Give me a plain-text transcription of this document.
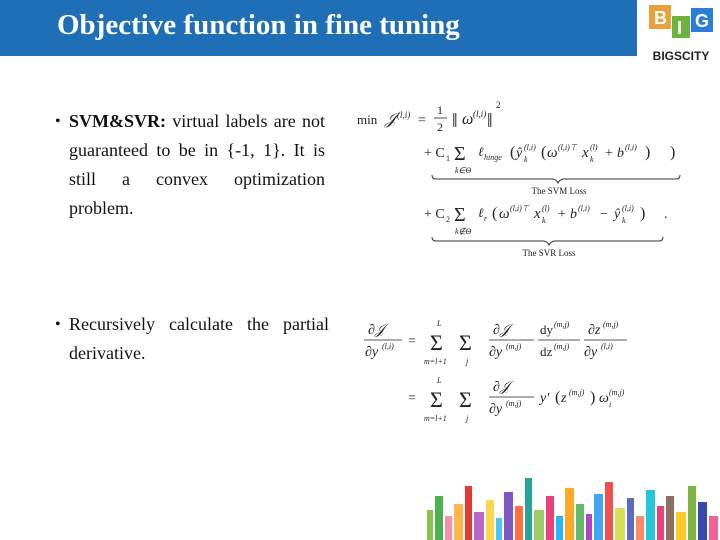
Objective function in fine tuning	B I G
BIGSCITY
• SVM&SVR: virtual labels are not guaranteed to be in {-1, 1}. It is still a convex optimization problem.
• Recursively calculate the partial derivative.
min 𝒥 (l,i) =
1
2 ‖ ω (l,i) ‖
2
+ C 1 Σ
k∈Θ
ℓ hinge ( ŷ (l,i)
k ( ω (l,i)⊤ x (l)
k + b (l,i) ) )
The SVM Loss
+ C 2 Σ
k∉Θ
ℓ r ( ω (l,i)⊤ x (l)
k + b (l,i) − ŷ (l,i)
k ) .
The SVR Loss
∂𝒥
∂y (l,i) =
L
Σ
m=l+1
Σ
j
∂𝒥
∂y (m,j)
dy (m,j)
dz (m,j)
∂z (m,j)
∂y (l,i)
=
L
Σ
m=l+1
Σ
j
∂𝒥
∂y (m,j) y′ ( z (m,j) ) ω (m,j)
i
